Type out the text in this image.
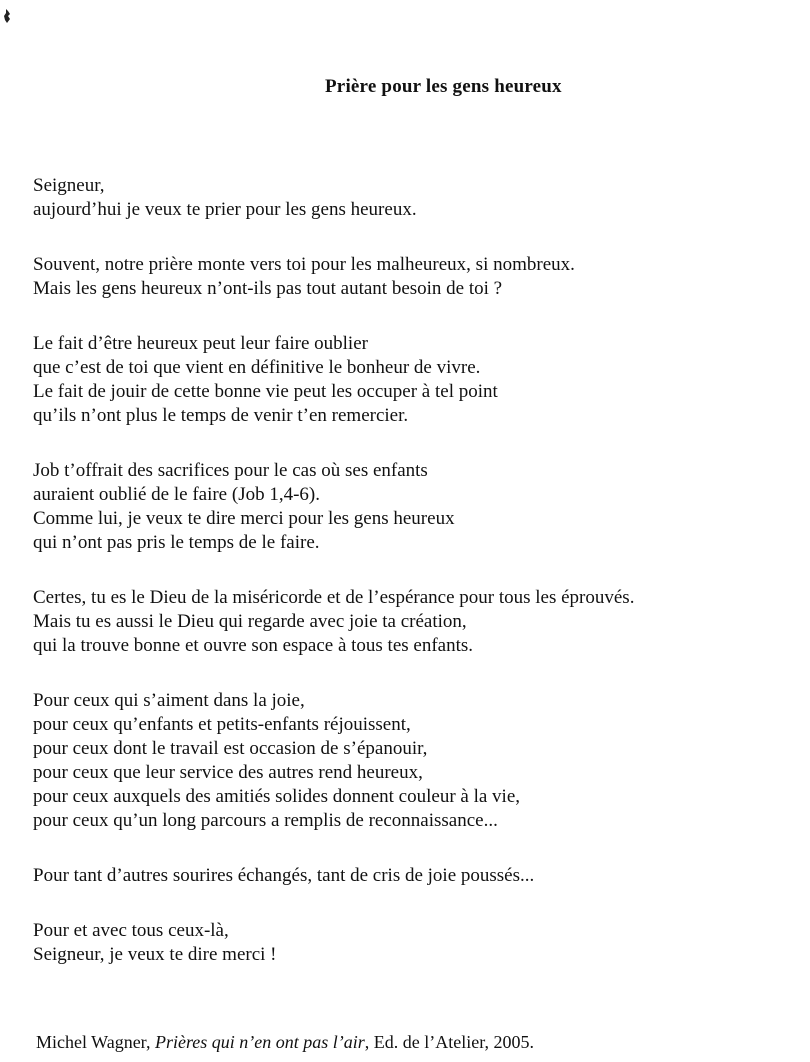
Prière pour les gens heureux
Seigneur,
aujourd’hui je veux te prier pour les gens heureux.
Souvent, notre prière monte vers toi pour les malheureux, si nombreux.
Mais les gens heureux n’ont-ils pas tout autant besoin de toi ?
Le fait d’être heureux peut leur faire oublier
que c’est de toi que vient en définitive le bonheur de vivre.
Le fait de jouir de cette bonne vie peut les occuper à tel point
qu’ils n’ont plus le temps de venir t’en remercier.
Job t’offrait des sacrifices pour le cas où ses enfants
auraient oublié de le faire (Job 1,4-6).
Comme lui, je veux te dire merci pour les gens heureux
qui n’ont pas pris le temps de le faire.
Certes, tu es le Dieu de la miséricorde et de l’espérance pour tous les éprouvés.
Mais tu es aussi le Dieu qui regarde avec joie ta création,
qui la trouve bonne et ouvre son espace à tous tes enfants.
Pour ceux qui s’aiment dans la joie,
pour ceux qu’enfants et petits-enfants réjouissent,
pour ceux dont le travail est occasion de s’épanouir,
pour ceux que leur service des autres rend heureux,
pour ceux auxquels des amitiés solides donnent couleur à la vie,
pour ceux qu’un long parcours a remplis de reconnaissance...
Pour tant d’autres sourires échangés, tant de cris de joie poussés...
Pour et avec tous ceux-là,
Seigneur, je veux te dire merci !
Michel Wagner, Prières qui n’en ont pas l’air, Ed. de l’Atelier, 2005.
